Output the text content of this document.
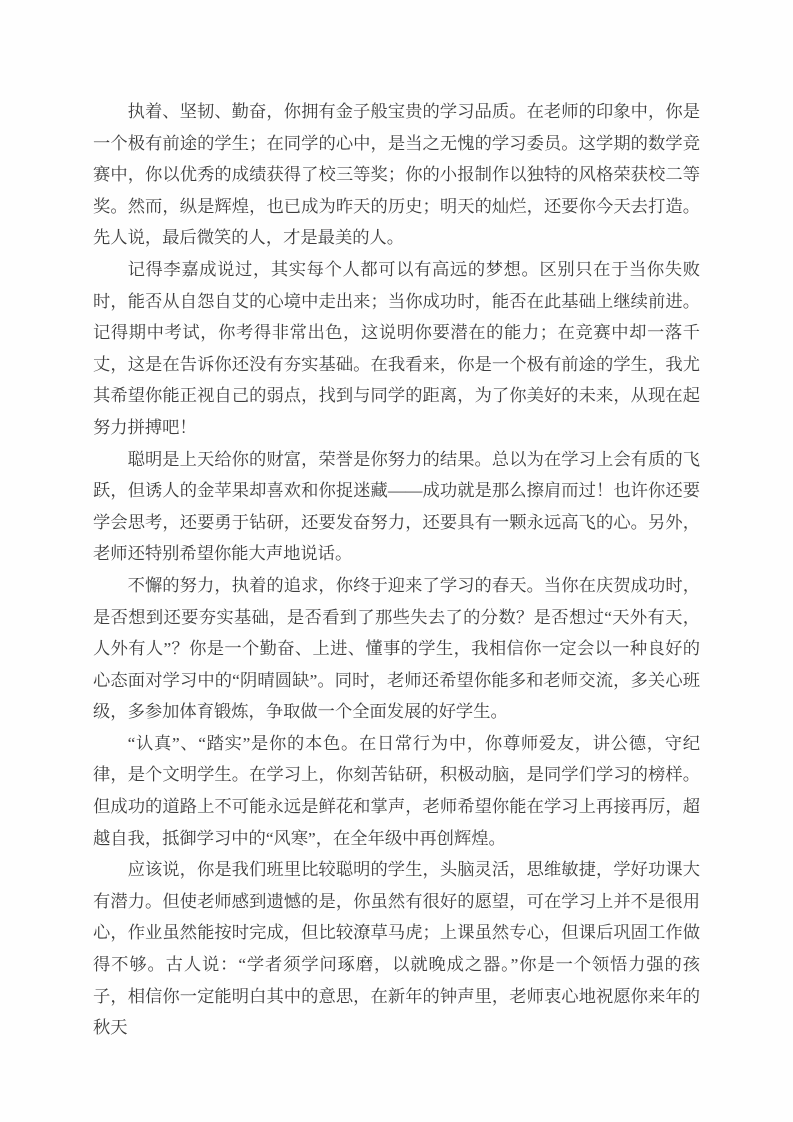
执着、坚韧、勤奋，你拥有金子般宝贵的学习品质。在老师的印象中，你是一个极有前途的学生；在同学的心中，是当之无愧的学习委员。这学期的数学竞赛中，你以优秀的成绩获得了校三等奖；你的小报制作以独特的风格荣获校二等奖。然而，纵是辉煌，也已成为昨天的历史；明天的灿烂，还要你今天去打造。先人说，最后微笑的人，才是最美的人。

记得李嘉成说过，其实每个人都可以有高远的梦想。区别只在于当你失败时，能否从自怨自艾的心境中走出来；当你成功时，能否在此基础上继续前进。记得期中考试，你考得非常出色，这说明你要潜在的能力；在竞赛中却一落千丈，这是在告诉你还没有夯实基础。在我看来，你是一个极有前途的学生，我尤其希望你能正视自己的弱点，找到与同学的距离，为了你美好的未来，从现在起努力拼搏吧！

聪明是上天给你的财富，荣誉是你努力的结果。总以为在学习上会有质的飞跃，但诱人的金苹果却喜欢和你捉迷藏——成功就是那么擦肩而过！也许你还要学会思考，还要勇于钻研，还要发奋努力，还要具有一颗永远高飞的心。另外，老师还特别希望你能大声地说话。

不懈的努力，执着的追求，你终于迎来了学习的春天。当你在庆贺成功时，是否想到还要夯实基础，是否看到了那些失去了的分数？是否想过“天外有天，人外有人”？你是一个勤奋、上进、懂事的学生，我相信你一定会以一种良好的心态面对学习中的“阴晴圆缺”。同时，老师还希望你能多和老师交流，多关心班级，多参加体育锻炼，争取做一个全面发展的好学生。

“认真”、“踏实”是你的本色。在日常行为中，你尊师爱友，讲公德，守纪律，是个文明学生。在学习上，你刻苦钻研，积极动脑，是同学们学习的榜样。但成功的道路上不可能永远是鲜花和掌声，老师希望你能在学习上再接再厉，超越自我，抵御学习中的“风寒”，在全年级中再创辉煌。

应该说，你是我们班里比较聪明的学生，头脑灵活，思维敏捷，学好功课大有潜力。但使老师感到遗憾的是，你虽然有很好的愿望，可在学习上并不是很用心，作业虽然能按时完成，但比较潦草马虎；上课虽然专心，但课后巩固工作做得不够。古人说：“学者须学问琢磨，以就晚成之器。”你是一个领悟力强的孩子，相信你一定能明白其中的意思，在新年的钟声里，老师衷心地祝愿你来年的秋天
